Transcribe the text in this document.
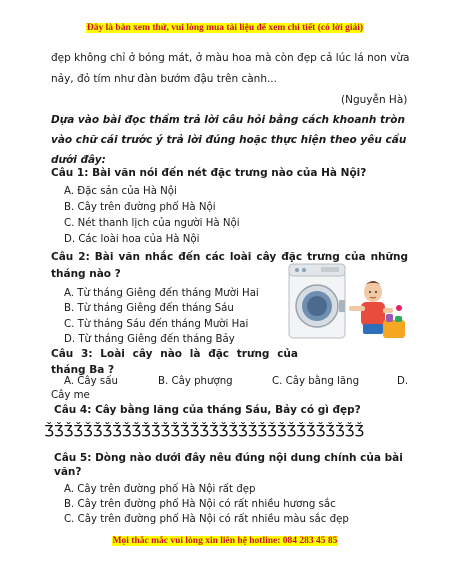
Đây là bản xem thử, vui lòng mua tài liệu để xem chi tiết (có lời giải)
đẹp không chỉ ở bóng mát, ở màu hoa mà còn đẹp cả lúc lá non vừa
nảy, đỏ tím như đàn bướm đậu trên cành...
(Nguyễn Hà)
Dựa vào bài đọc thầm trả lời câu hỏi bằng cách khoanh tròn
vào chữ cái trước ý trả lời đúng hoặc thực hiện theo yêu cầu
dưới đây:
Câu 1: Bài văn nói đến nét đặc trưng nào của Hà Nội?
A. Đặc sản của Hà Nội
B. Cây trên đường phố Hà Nội
C. Nét thanh lịch của người Hà Nội
D. Các loài hoa của Hà Nội
Câu 2: Bài văn nhắc đến các loài cây đặc trưng của những
tháng nào ?
A. Từ tháng Giêng đến tháng Mười Hai
B. Từ tháng Giêng đến tháng Sáu
C. Từ tháng Sáu đến tháng Mười Hai
D. Từ tháng Giêng đến tháng Bảy
Câu 3: Loài cây nào là đặc trưng của
tháng Ba ?
A. Cây sấu	B. Cây phượng	C. Cây bằng lăng	D.
Cây me
Câu 4: Cây bằng lăng của tháng Sáu, Bảy có gì đẹp?
ǮǮǮǮǮǮǮǮǮǮǮǮǮǮǮǮǮǮǮǮǮǮǮǮǮǮǮǮǮǮǮǮǮ
Câu 5: Dòng nào dưới đây nêu đúng nội dung chính của bài
văn?
A. Cây trên đường phố Hà Nội rất đẹp
B. Cây trên đường phố Hà Nội có rất nhiều hương sắc
C. Cây trên đường phố Hà Nội có rất nhiều màu sắc đẹp
Mọi thắc mắc vui lòng xin liên hệ hotline: 084 283 45 85
